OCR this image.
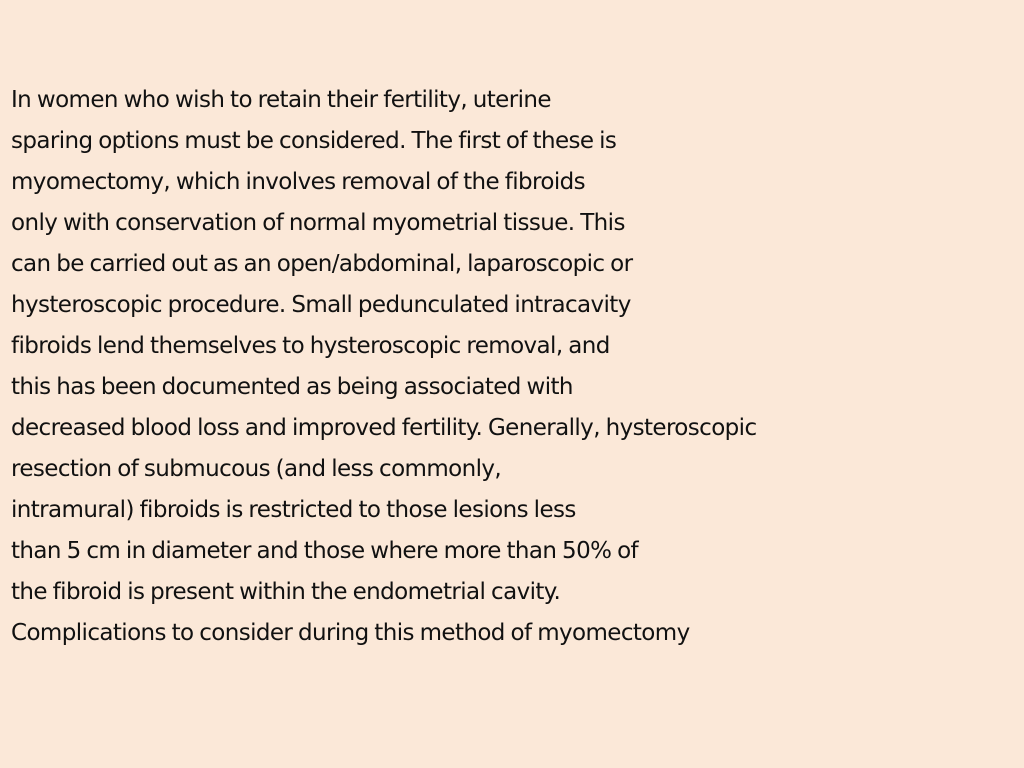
In women who wish to retain their fertility, uterine
sparing options must be considered. The first of these is
myomectomy, which involves removal of the fibroids
only with conservation of normal myometrial tissue. This
can be carried out as an open/abdominal, laparoscopic or
hysteroscopic procedure. Small pedunculated intracavity
fibroids lend themselves to hysteroscopic removal, and
this has been documented as being associated with
decreased blood loss and improved fertility. Generally, hysteroscopic
resection of submucous (and less commonly,
intramural) fibroids is restricted to those lesions less
than 5 cm in diameter and those where more than 50% of
the fibroid is present within the endometrial cavity.
Complications to consider during this method of myomectomy
